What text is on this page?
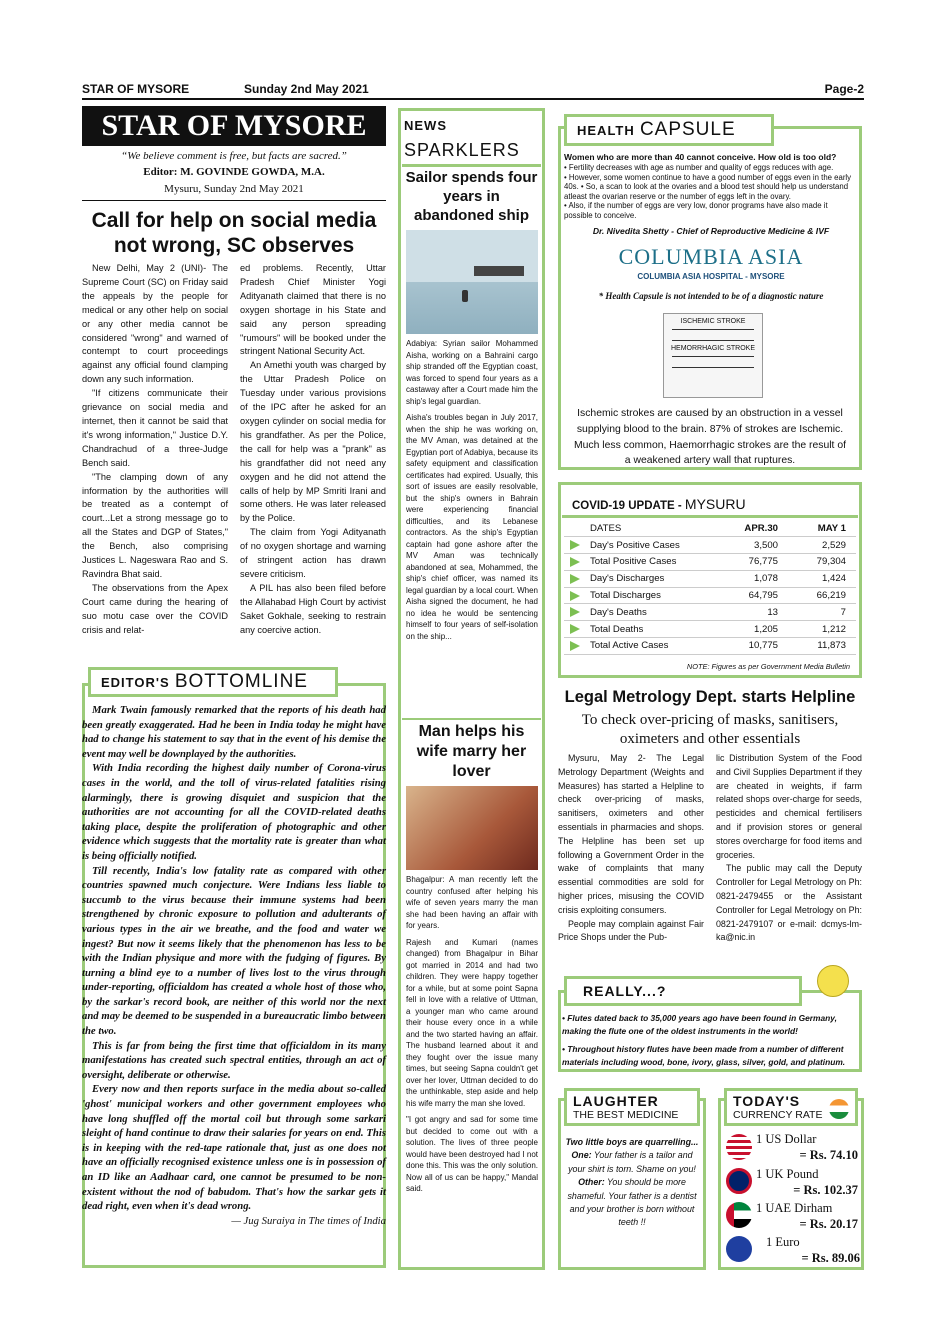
STAR OF MYSORE	Sunday 2nd May 2021	Page-2
STAR OF MYSORE
“We believe comment is free, but facts are sacred.”
Editor: M. GOVINDE GOWDA, M.A.
Mysuru, Sunday 2nd May 2021
Call for help on social media not wrong, SC observes

New Delhi, May 2 (UNI)- The Supreme Court (SC) on Friday said the appeals by the people for medical or any other help on social or any other media cannot be considered "wrong" and warned of contempt to court proceedings against any official found clamping down any such information.

"If citizens communicate their grievance on social media and internet, then it cannot be said that it's wrong information," Justice D.Y. Chandrachud of a three-Judge Bench said.

"The clamping down of any information by the authorities will be treated as a contempt of court...Let a strong message go to all the States and DGP of States," the Bench, also comprising Justices L. Nageswara Rao and S. Ravindra Bhat said.

The observations from the Apex Court came during the hearing of suo motu case over the COVID crisis and relat-

ed problems. Recently, Uttar Pradesh Chief Minister Yogi Adityanath claimed that there is no oxygen shortage in his State and said any person spreading "rumours" will be booked under the stringent National Security Act.

An Amethi youth was charged by the Uttar Pradesh Police on Tuesday under various provisions of the IPC after he asked for an oxygen cylinder on social media for his grandfather. As per the Police, the call for help was a "prank" as his grandfather did not need any oxygen and he did not attend the calls of help by MP Smriti Irani and some others. He was later released by the Police.

The claim from Yogi Adityanath of no oxygen shortage and warning of stringent action has drawn severe criticism.

A PIL has also been filed before the Allahabad High Court by activist Saket Gokhale, seeking to restrain any coercive action.

EDITOR'S BOTTOMLINE

Mark Twain famously remarked that the reports of his death had been greatly exaggerated. Had he been in India today he might have had to change his statement to say that in the event of his demise the event may well be downplayed by the authorities.

With India recording the highest daily number of Corona-virus cases in the world, and the toll of virus-related fatalities rising alarmingly, there is growing disquiet and suspicion that the authorities are not accounting for all the COVID-related deaths taking place, despite the proliferation of photographic and other evidence which suggests that the mortality rate is greater than what is being officially notified.

Till recently, India's low fatality rate as compared with other countries spawned much conjecture. Were Indians less liable to succumb to the virus because their immune systems had been strengthened by chronic exposure to pollution and adulterants of various types in the air we breathe, and the food and water we ingest? But now it seems likely that the phenomenon has less to be with the Indian physique and more with the fudging of figures. By turning a blind eye to a number of lives lost to the virus through under-reporting, officialdom has created a whole host of those who, by the sarkar's record book, are neither of this world nor the next and may be deemed to be suspended in a bureaucratic limbo between the two.

This is far from being the first time that officialdom in its many manifestations has created such spectral entities, through an act of oversight, deliberate or otherwise.

Every now and then reports surface in the media about so-called 'ghost' municipal workers and other government employees who have long shuffled off the mortal coil but through some sarkari sleight of hand continue to draw their salaries for years on end. This is in keeping with the red-tape rationale that, just as one does not have an officially recognised existence unless one is in possession of an ID like an Aadhaar card, one cannot be presumed to be non-existent without the nod of babudom. That's how the sarkar gets it dead right, even when it's dead wrong.

— Jug Suraiya in The times of India

NEWS
SPARKLERS
Sailor spends four years in abandoned ship

Adabiya: Syrian sailor Mohammed Aisha, working on a Bahraini cargo ship stranded off the Egyptian coast, was forced to spend four years as a castaway after a Court made him the ship's legal guardian.

Aisha's troubles began in July 2017, when the ship he was working on, the MV Aman, was detained at the Egyptian port of Adabiya, because its safety equipment and classification certificates had expired. Usually, this sort of issues are easily resolvable, but the ship's owners in Bahrain were experiencing financial difficulties, and its Lebanese contractors. As the ship's Egyptian captain had gone ashore after the MV Aman was technically abandoned at sea, Mohammed, the ship's chief officer, was named its legal guardian by a local court. When Aisha signed the document, he had no idea he would be sentencing himself to four years of self-isolation on the ship...

Man helps his wife marry her lover

Bhagalpur: A man recently left the country confused after helping his wife of seven years marry the man she had been having an affair with for years.

Rajesh and Kumari (names changed) from Bhagalpur in Bihar got married in 2014 and had two children. They were happy together for a while, but at some point Sapna fell in love with a relative of Uttman, a younger man who came around their house every once in a while and the two started having an affair. The husband learned about it and they fought over the issue many times, but seeing Sapna couldn't get over her lover, Uttman decided to do the unthinkable, step aside and help his wife marry the man she loved.

"I got angry and sad for some time but decided to come out with a solution. The lives of three people would have been destroyed had I not done this. This was the only solution. Now all of us can be happy," Mandal said.

HEALTH CAPSULE
Women who are more than 40 cannot conceive. How old is too old?
• Fertility decreases with age as number and quality of eggs reduces with age.
• However, some women continue to have a good number of eggs even in the early 40s. • So, a scan to look at the ovaries and a blood test should help us understand atleast the ovarian reserve or the number of eggs left in the ovary.
• Also, if the number of eggs are very low, donor programs have also made it possible to conceive.
Dr. Nivedita Shetty - Chief of Reproductive Medicine & IVF
COLUMBIA ASIA
COLUMBIA ASIA HOSPITAL - MYSORE
* Health Capsule is not intended to be of a diagnostic nature
ISCHEMIC STROKE
HEMORRHAGIC STROKE
Ischemic strokes are caused by an obstruction in a vessel supplying blood to the brain. 87% of strokes are Ischemic. Much less common, Haemorrhagic strokes are the result of a weakened artery wall that ruptures.
COVID-19 UPDATE - MYSURU
DATES	APR.30	MAY 1
Day's Positive Cases	3,500	2,529
Total Positive Cases	76,775	79,304
Day's Discharges	1,078	1,424
Total Discharges	64,795	66,219
Day's Deaths	13	7
Total Deaths	1,205	1,212
Total Active Cases	10,775	11,873
NOTE: Figures as per Government Media Bulletin
Legal Metrology Dept. starts Helpline
To check over-pricing of masks, sanitisers, oximeters and other essentials

Mysuru, May 2- The Legal Metrology Department (Weights and Measures) has started a Helpline to check over-pricing of masks, sanitisers, oximeters and other essentials in pharmacies and shops. The Helpline has been set up following a Government Order in the wake of complaints that many essential commodities are sold for higher prices, misusing the COVID crisis exploiting consumers.

People may complain against Fair Price Shops under the Pub-

lic Distribution System of the Food and Civil Supplies Department if they are cheated in weights, if farm related shops over-charge for seeds, pesticides and chemical fertilisers and if provision stores or general stores overcharge for food items and groceries.

The public may call the Deputy Controller for Legal Metrology on Ph: 0821-2479455 or the Assistant Controller for Legal Metrology on Ph: 0821-2479107 or e-mail: dcmys-lm-ka@nic.in

REALLY...?
• Flutes dated back to 35,000 years ago have been found in Germany, making the flute one of the oldest instruments in the world!
• Throughout history flutes have been made from a number of different materials including wood, bone, ivory, glass, silver, gold, and platinum.
LAUGHTER
THE BEST MEDICINE
Two little boys are quarrelling...
One: Your father is a tailor and your shirt is torn. Shame on you!
Other: You should be more shameful. Your father is a dentist and your brother is born without teeth !!
TODAY'S
CURRENCY RATE
1 US Dollar
= Rs. 74.10
1 UK Pound
= Rs. 102.37
1 UAE Dirham
= Rs. 20.17
1 Euro
= Rs. 89.06
